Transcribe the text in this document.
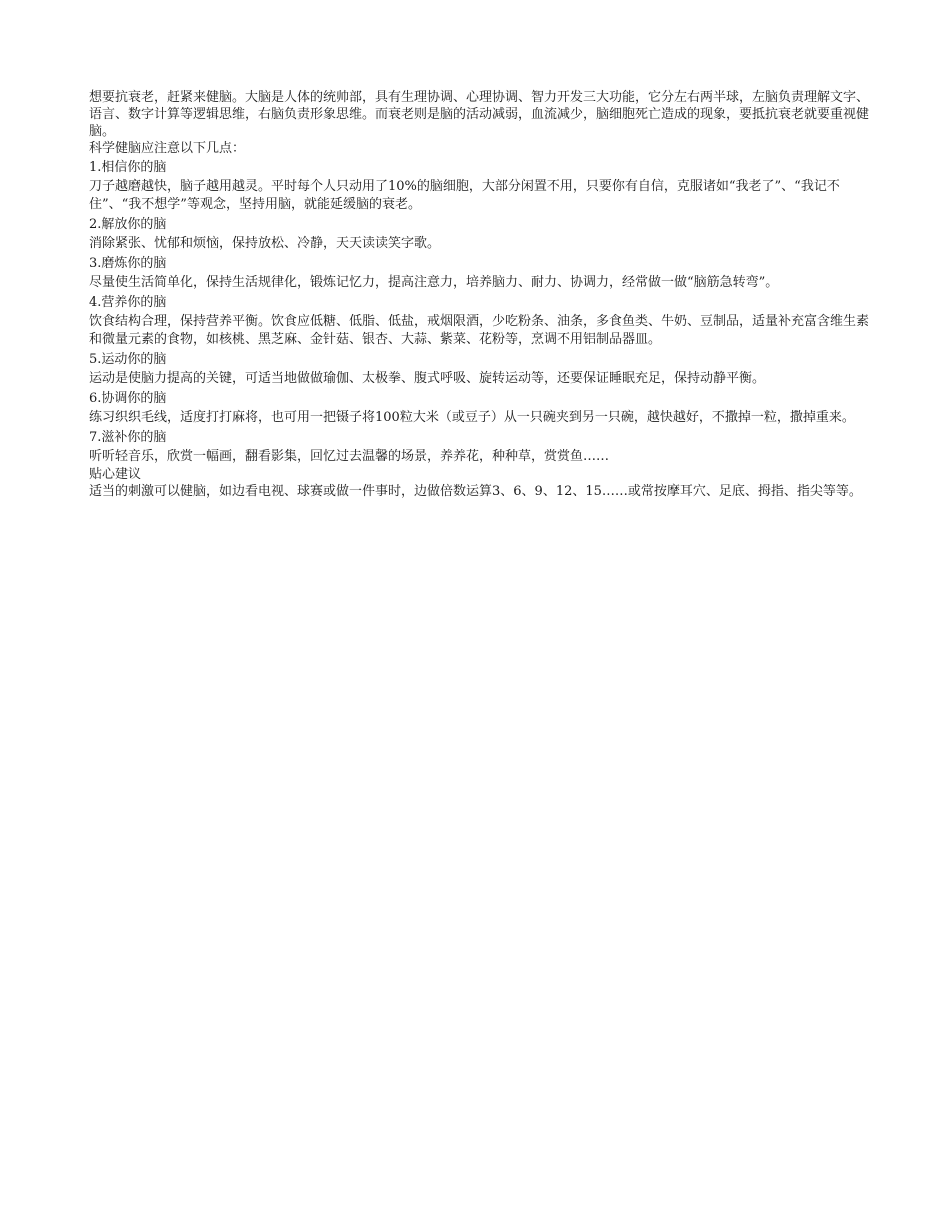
想要抗衰老，赶紧来健脑。大脑是人体的统帅部，具有生理协调、心理协调、智力开发三大功能，它分左右两半球，左脑负责理解文字、语言、数字计算等逻辑思维，右脑负责形象思维。而衰老则是脑的活动减弱，血流减少，脑细胞死亡造成的现象，要抵抗衰老就要重视健脑。

科学健脑应注意以下几点：

1.相信你的脑

刀子越磨越快，脑子越用越灵。平时每个人只动用了10%的脑细胞，大部分闲置不用，只要你有自信，克服诸如“我老了”、“我记不住”、“我不想学”等观念，坚持用脑，就能延缓脑的衰老。

2.解放你的脑

消除紧张、忧郁和烦恼，保持放松、冷静，天天读读笑字歌。

3.磨炼你的脑

尽量使生活简单化，保持生活规律化，锻炼记忆力，提高注意力，培养脑力、耐力、协调力，经常做一做“脑筋急转弯”。

4.营养你的脑

饮食结构合理，保持营养平衡。饮食应低糖、低脂、低盐，戒烟限酒，少吃粉条、油条，多食鱼类、牛奶、豆制品，适量补充富含维生素和微量元素的食物，如核桃、黑芝麻、金针菇、银杏、大蒜、紫菜、花粉等，烹调不用铝制品器皿。

5.运动你的脑

运动是使脑力提高的关键，可适当地做做瑜伽、太极拳、腹式呼吸、旋转运动等，还要保证睡眠充足，保持动静平衡。

6.协调你的脑

练习织织毛线，适度打打麻将，也可用一把镊子将100粒大米（或豆子）从一只碗夹到另一只碗，越快越好，不撒掉一粒，撒掉重来。

7.滋补你的脑

听听轻音乐，欣赏一幅画，翻看影集，回忆过去温馨的场景，养养花，种种草，赏赏鱼……

贴心建议

适当的刺激可以健脑，如边看电视、球赛或做一件事时，边做倍数运算3、6、9、12、15……或常按摩耳穴、足底、拇指、指尖等等。
